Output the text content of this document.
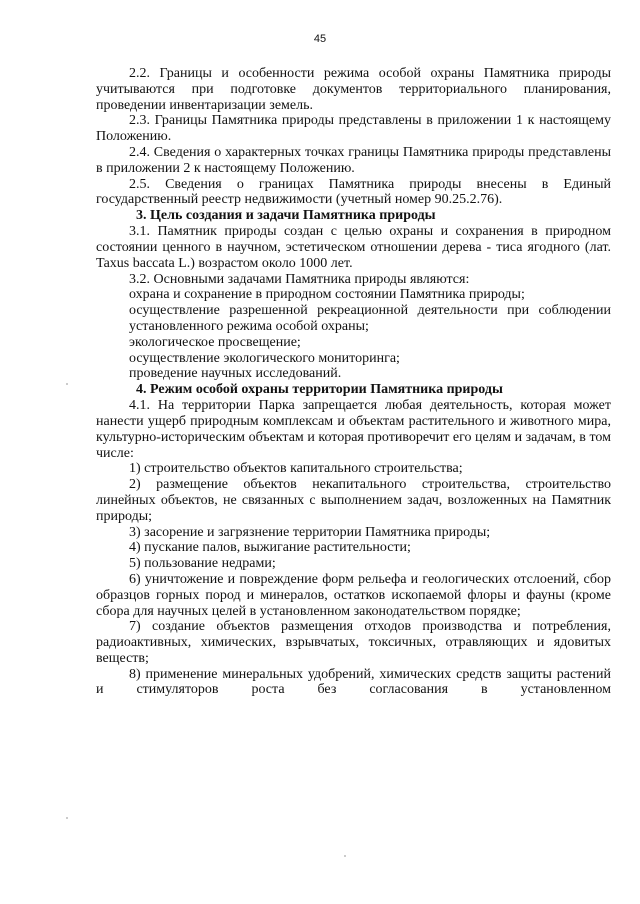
45

2.2. Границы и особенности режима особой охраны Памятника природы учитываются при подготовке документов территориального планирования, проведении инвентаризации земель.

2.3. Границы Памятника природы представлены в приложении 1 к настоящему Положению.

2.4. Сведения о характерных точках границы Памятника природы представлены в приложении 2 к настоящему Положению.

2.5. Сведения о границах Памятника природы внесены в Единый государственный реестр недвижимости (учетный номер 90.25.2.76).

3. Цель создания и задачи Памятника природы

3.1. Памятник природы создан с целью охраны и сохранения в природном состоянии ценного в научном, эстетическом отношении дерева - тиса ягодного (лат. Taxus baccata L.) возрастом около 1000 лет.

3.2. Основными задачами Памятника природы являются:

охрана и сохранение в природном состоянии Памятника природы;

осуществление разрешенной рекреационной деятельности при соблюдении установленного режима особой охраны;

экологическое просвещение;

осуществление экологического мониторинга;

проведение научных исследований.

4. Режим особой охраны территории Памятника природы

4.1. На территории Парка запрещается любая деятельность, которая может нанести ущерб природным комплексам и объектам растительного и животного мира, культурно-историческим объектам и которая противоречит его целям и задачам, в том числе:

1) строительство объектов капитального строительства;

2) размещение объектов некапитального строительства, строительство линейных объектов, не связанных с выполнением задач, возложенных на Памятник природы;

3) засорение и загрязнение территории Памятника природы;

4) пускание палов, выжигание растительности;

5) пользование недрами;

6) уничтожение и повреждение форм рельефа и геологических отслоений, сбор образцов горных пород и минералов, остатков ископаемой флоры и фауны (кроме сбора для научных целей в установленном законодательством порядке;

7) создание объектов размещения отходов производства и потребления, радиоактивных, химических, взрывчатых, токсичных, отравляющих и ядовитых веществ;

8) применение минеральных удобрений, химических средств защиты растений и стимуляторов роста без согласования в установленном
